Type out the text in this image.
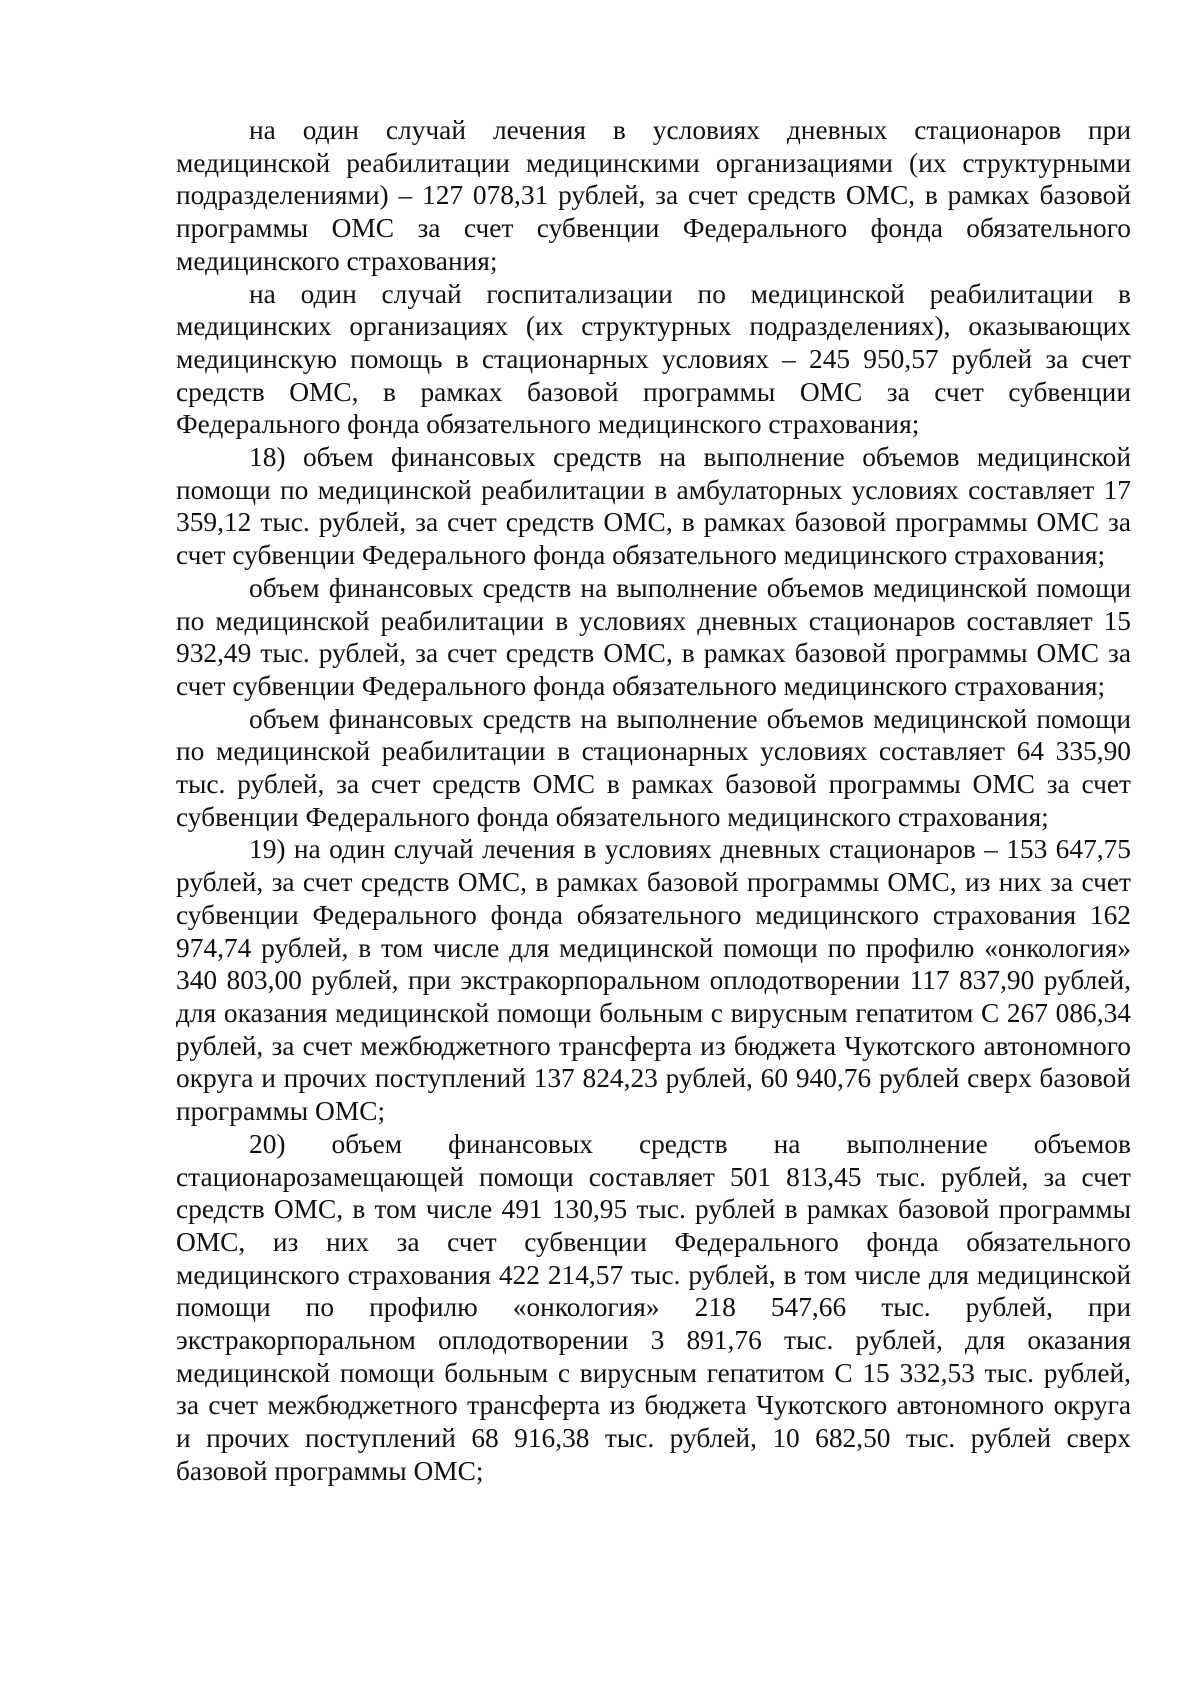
на один случай лечения в условиях дневных стационаров при медицинской реабилитации медицинскими организациями (их структурными подразделениями) – 127 078,31 рублей, за счет средств ОМС, в рамках базовой программы ОМС за счет субвенции Федерального фонда обязательного медицинского страхования;

на один случай госпитализации по медицинской реабилитации в медицинских организациях (их структурных подразделениях), оказывающих медицинскую помощь в стационарных условиях – 245 950,57 рублей за счет средств ОМС, в рамках базовой программы ОМС за счет субвенции Федерального фонда обязательного медицинского страхования;

18) объем финансовых средств на выполнение объемов медицинской помощи по медицинской реабилитации в амбулаторных условиях составляет 17 359,12 тыс. рублей, за счет средств ОМС, в рамках базовой программы ОМС за счет субвенции Федерального фонда обязательного медицинского страхования;

объем финансовых средств на выполнение объемов медицинской помощи по медицинской реабилитации в условиях дневных стационаров составляет 15 932,49 тыс. рублей, за счет средств ОМС, в рамках базовой программы ОМС за счет субвенции Федерального фонда обязательного медицинского страхования;

объем финансовых средств на выполнение объемов медицинской помощи по медицинской реабилитации в стационарных условиях составляет 64 335,90 тыс. рублей, за счет средств ОМС в рамках базовой программы ОМС за счет субвенции Федерального фонда обязательного медицинского страхования;

19) на один случай лечения в условиях дневных стационаров – 153 647,75 рублей, за счет средств ОМС, в рамках базовой программы ОМС, из них за счет субвенции Федерального фонда обязательного медицинского страхования 162 974,74 рублей, в том числе для медицинской помощи по профилю «онкология» 340 803,00 рублей, при экстракорпоральном оплодотворении 117 837,90 рублей, для оказания медицинской помощи больным с вирусным гепатитом С 267 086,34 рублей, за счет межбюджетного трансферта из бюджета Чукотского автономного округа и прочих поступлений 137 824,23 рублей, 60 940,76 рублей сверх базовой программы ОМС;

20) объем финансовых средств на выполнение объемов стационарозамещающей помощи составляет 501 813,45 тыс. рублей, за счет средств ОМС, в том числе 491 130,95 тыс. рублей в рамках базовой программы ОМС, из них за счет субвенции Федерального фонда обязательного медицинского страхования 422 214,57 тыс. рублей, в том числе для медицинской помощи по профилю «онкология» 218 547,66 тыс. рублей, при экстракорпоральном оплодотворении 3 891,76 тыс. рублей, для оказания медицинской помощи больным с вирусным гепатитом С 15 332,53 тыс. рублей, за счет межбюджетного трансферта из бюджета Чукотского автономного округа и прочих поступлений 68 916,38 тыс. рублей, 10 682,50 тыс. рублей сверх базовой программы ОМС;
